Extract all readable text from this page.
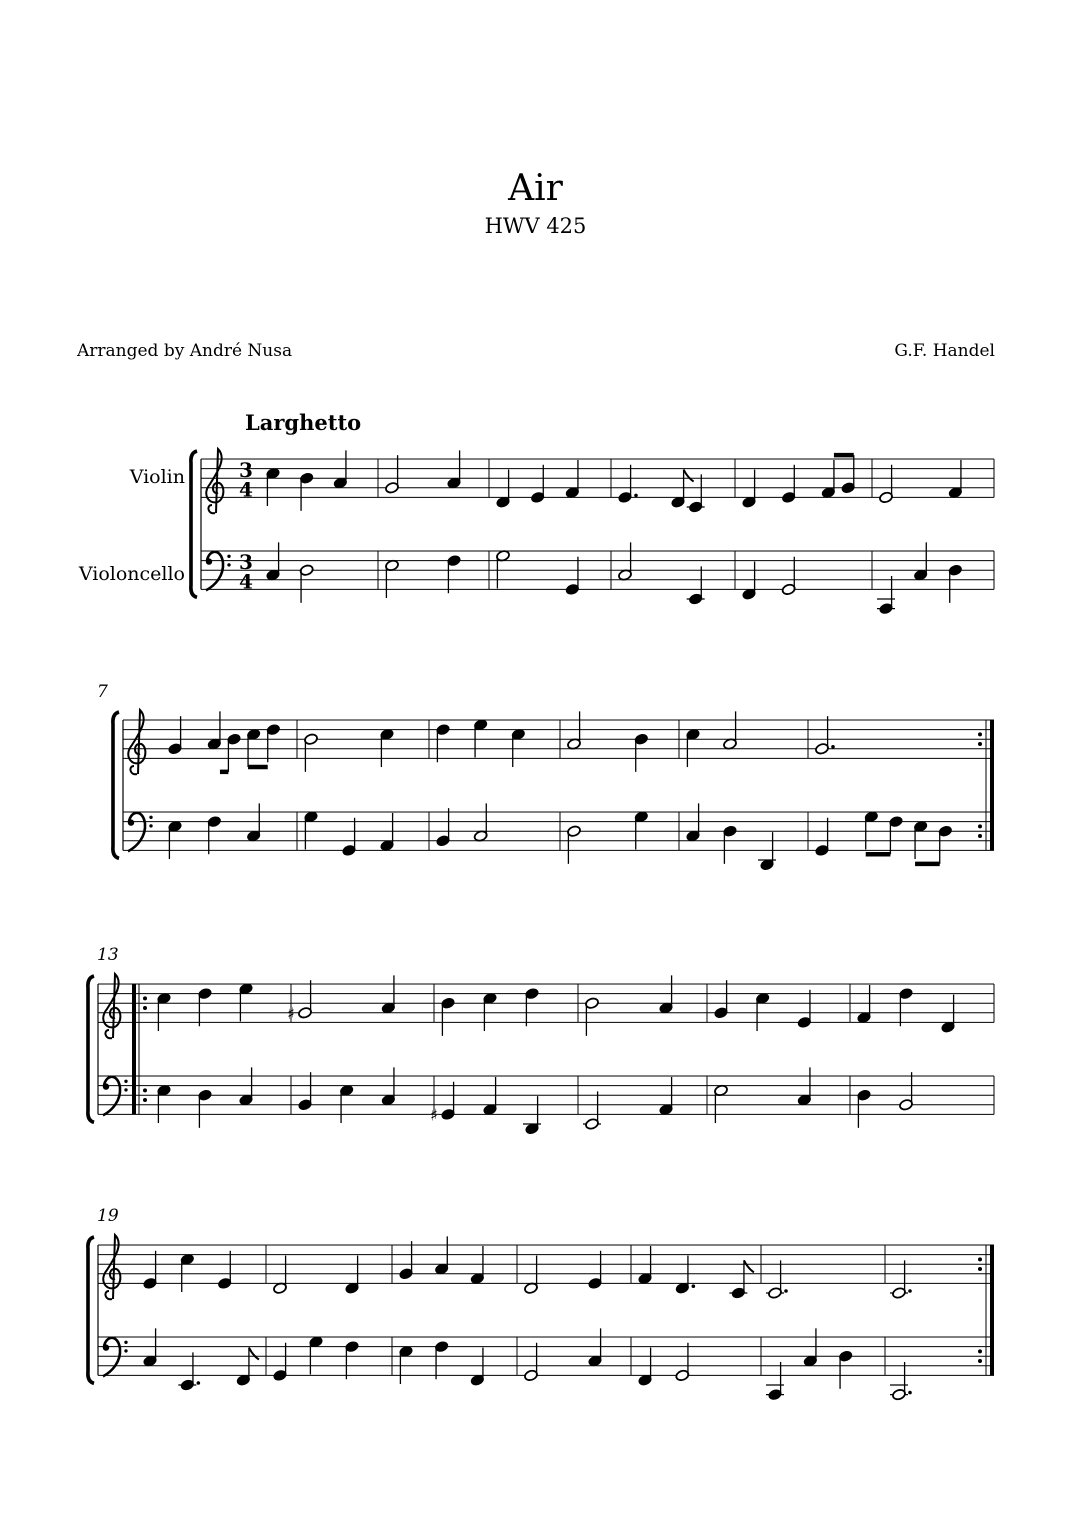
Air
HWV 425
Arranged by André Nusa	G.F. Handel
Larghetto
Violin
Violoncello
3
4
3
4
7
13
♯
♯
19
